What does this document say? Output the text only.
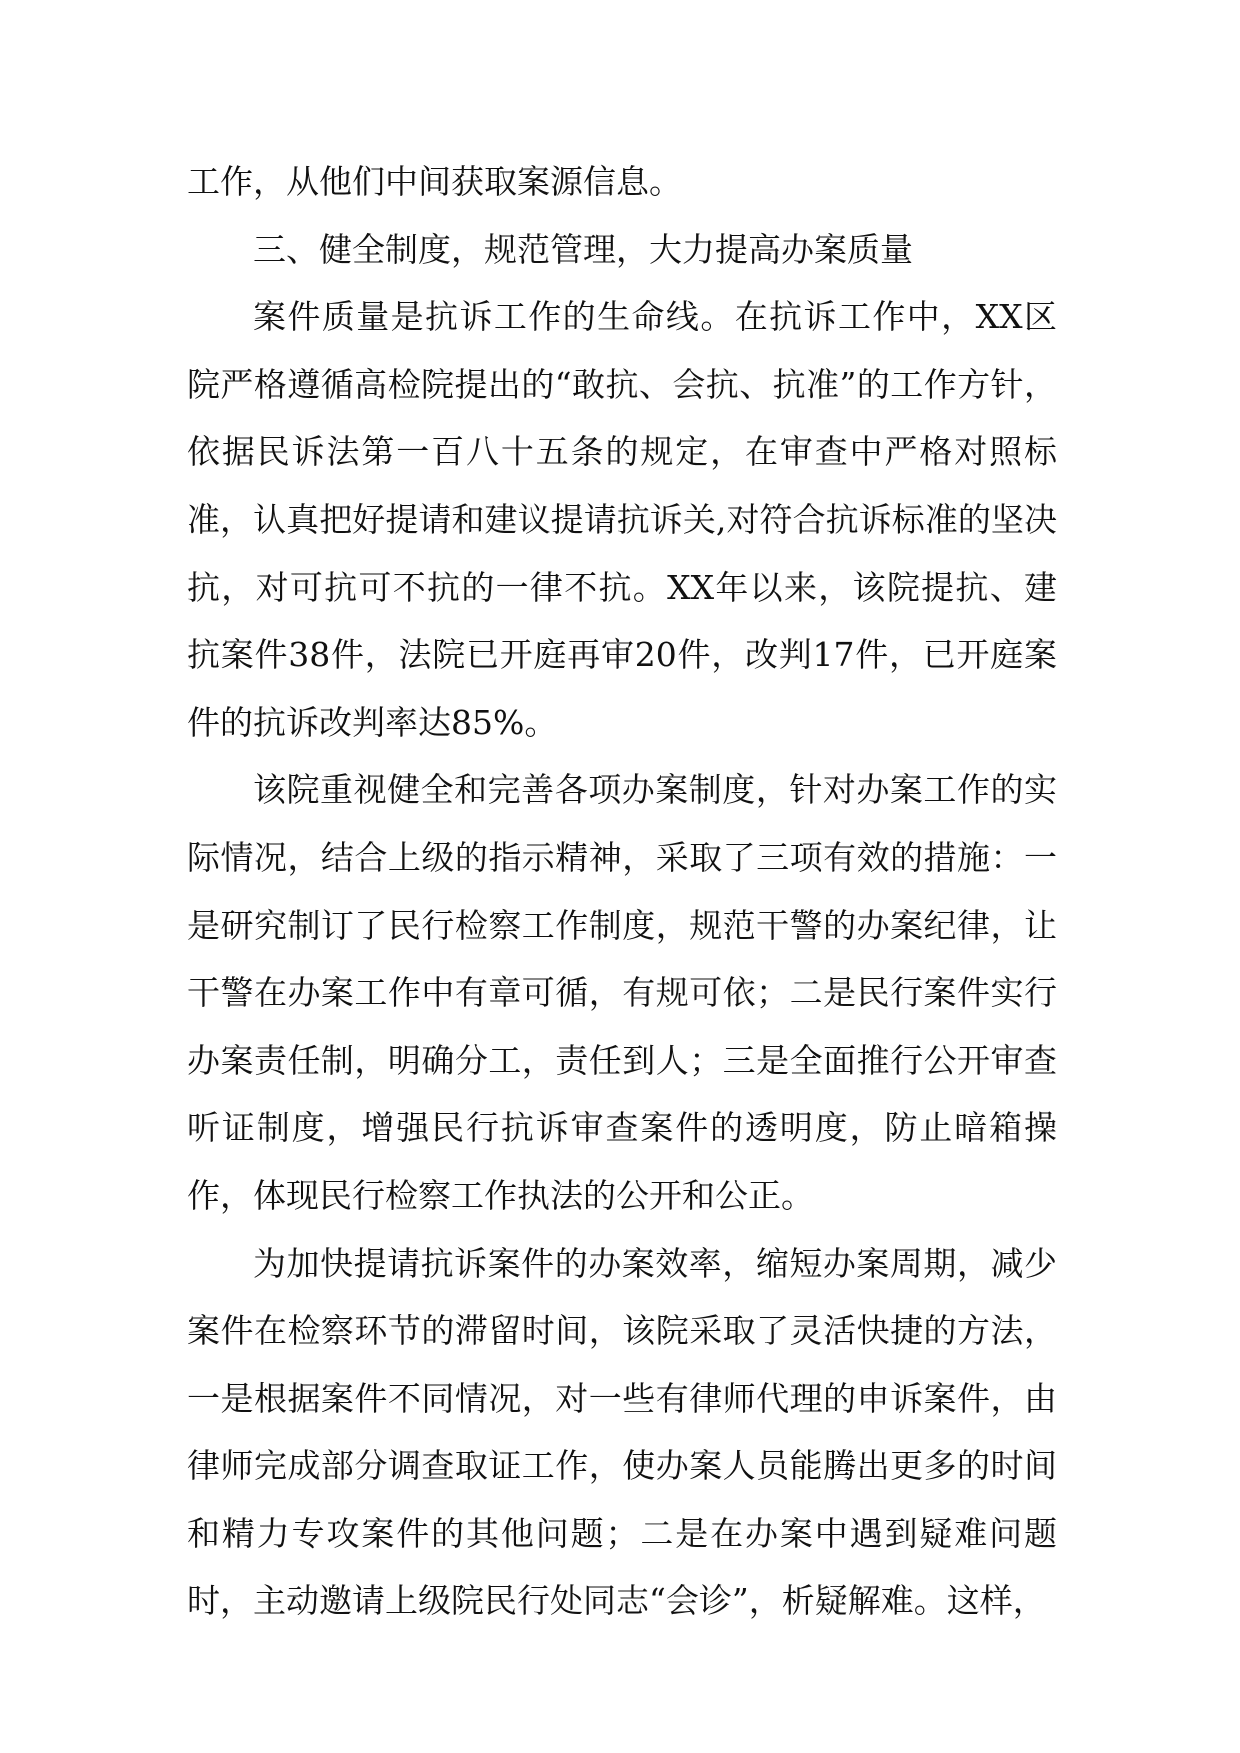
工作，从他们中间获取案源信息。

三、健全制度，规范管理，大力提高办案质量

案件质量是抗诉工作的生命线。在抗诉工作中，XX区院严格遵循高检院提出的“敢抗、会抗、抗准”的工作方针，依据民诉法第一百八十五条的规定，在审查中严格对照标准，认真把好提请和建议提请抗诉关,对符合抗诉标准的坚决抗，对可抗可不抗的一律不抗。XX年以来，该院提抗、建抗案件38件，法院已开庭再审20件，改判17件，已开庭案件的抗诉改判率达85%。

该院重视健全和完善各项办案制度，针对办案工作的实际情况，结合上级的指示精神，采取了三项有效的措施：一是研究制订了民行检察工作制度，规范干警的办案纪律，让干警在办案工作中有章可循，有规可依；二是民行案件实行办案责任制，明确分工，责任到人；三是全面推行公开审查听证制度，增强民行抗诉审查案件的透明度，防止暗箱操作，体现民行检察工作执法的公开和公正。

为加快提请抗诉案件的办案效率，缩短办案周期，减少案件在检察环节的滞留时间，该院采取了灵活快捷的方法，一是根据案件不同情况，对一些有律师代理的申诉案件，由律师完成部分调查取证工作，使办案人员能腾出更多的时间和精力专攻案件的其他问题；二是在办案中遇到疑难问题时，主动邀请上级院民行处同志“会诊”，析疑解难。这样，
